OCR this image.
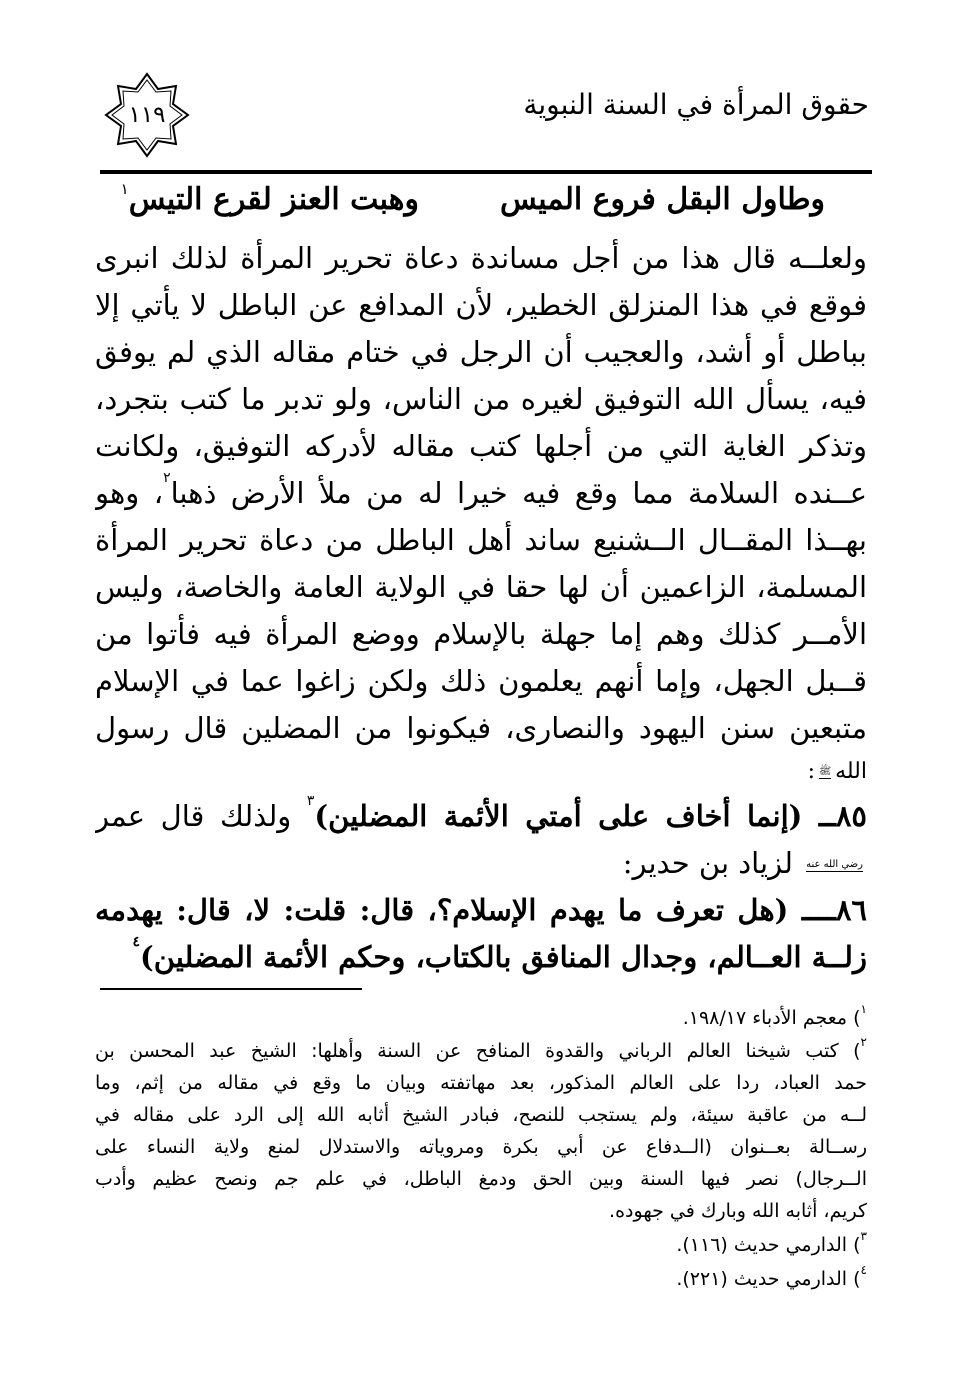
حقوق المرأة في السنة النبوية
١١٩
وطاول البقل فروع الميس
وهبت العنز لقرع التيس$^١$
ولعلــه قال هذا من أجل مساندة دعاة تحرير المرأة لذلك انبرى
فوقع في هذا المنزلق الخطير، لأن المدافع عن الباطل لا يأتي إلا
بباطل أو أشد، والعجيب أن الرجل في ختام مقاله الذي لم يوفق
فيه، يسأل الله التوفيق لغيره من الناس، ولو تدبر ما كتب بتجرد،
وتذكر الغاية التي من أجلها كتب مقاله لأدركه التوفيق، ولكانت
عــنده السلامة مما وقع فيه خيرا له من ملأ الأرض ذهبا$^٢$، وهو
بهــذا المقــال الــشنيع ساند أهل الباطل من دعاة تحرير المرأة
المسلمة، الزاعمين أن لها حقا في الولاية العامة والخاصة، وليس
الأمــر كذلك وهم إما جهلة بالإسلام ووضع المرأة فيه فأتوا من
قــبل الجهل، وإما أنهم يعلمون ذلك ولكن زاغوا عما في الإسلام
متبعين سنن اليهود والنصارى، فيكونوا من المضلين قال رسول
اللهﷺ:
٨٥ــ (إنما أخاف على أمتي الأئمة المضلين)$^٣$ ولذلك قال عمر
رضي الله عنه لزياد بن حدير:
٨٦ــــ (هل تعرف ما يهدم الإسلام؟، قال: قلت: لا، قال: يهدمه
زلــة العــالم، وجدال المنافق بالكتاب، وحكم الأئمة المضلين)$^٤$
$^١$) معجم الأدباء ١٩٨/١٧.
$^٢$) كتب شيخنا العالم الرباني والقدوة المنافح عن السنة وأهلها: الشيخ عبد المحسن بن
حمد العباد، ردا على العالم المذكور، بعد مهاتفته وبيان ما وقع في مقاله من إثم، وما
لــه من عاقبة سيئة، ولم يستجب للنصح، فبادر الشيخ أثابه الله إلى الرد على مقاله في
رســالة بعــنوان (الــدفاع عن أبي بكرة ومروياته والاستدلال لمنع ولاية النساء على
الــرجال) نصر فيها السنة وبين الحق ودمغ الباطل، في علم جم ونصح عظيم وأدب
كريم، أثابه الله وبارك في جهوده.
$^٣$) الدارمي حديث (١١٦).
$^٤$) الدارمي حديث (٢٢١).
